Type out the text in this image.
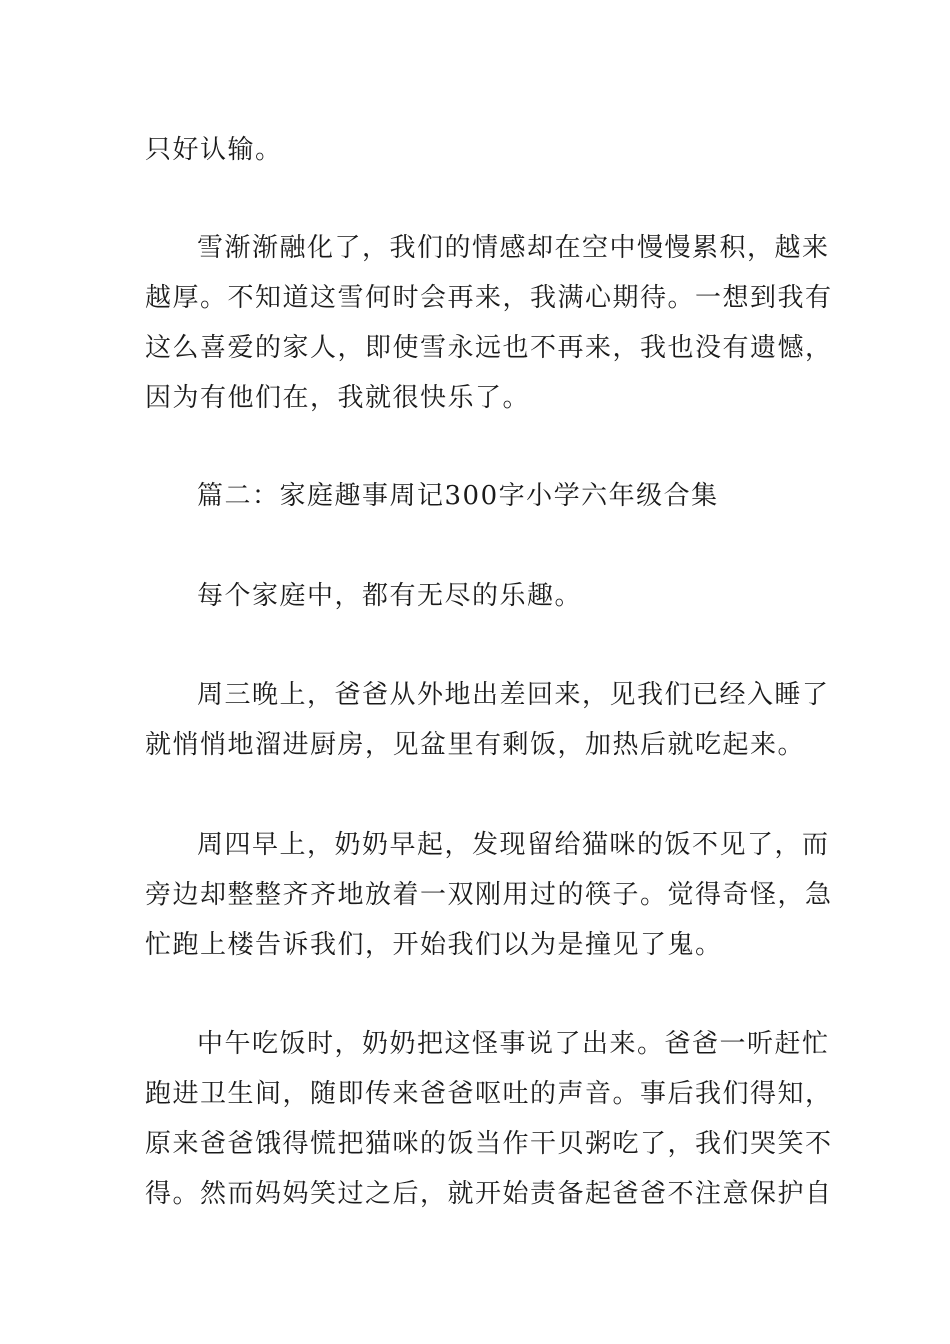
只好认输。
雪渐渐融化了，我们的情感却在空中慢慢累积，越来
越厚。不知道这雪何时会再来，我满心期待。一想到我有
这么喜爱的家人，即使雪永远也不再来，我也没有遗憾，
因为有他们在，我就很快乐了。
篇二：家庭趣事周记300字小学六年级合集
每个家庭中，都有无尽的乐趣。
周三晚上，爸爸从外地出差回来，见我们已经入睡了
就悄悄地溜进厨房，见盆里有剩饭，加热后就吃起来。
周四早上，奶奶早起，发现留给猫咪的饭不见了，而
旁边却整整齐齐地放着一双刚用过的筷子。觉得奇怪，急
忙跑上楼告诉我们，开始我们以为是撞见了鬼。
中午吃饭时，奶奶把这怪事说了出来。爸爸一听赶忙
跑进卫生间，随即传来爸爸呕吐的声音。事后我们得知，
原来爸爸饿得慌把猫咪的饭当作干贝粥吃了，我们哭笑不
得。然而妈妈笑过之后，就开始责备起爸爸不注意保护自
